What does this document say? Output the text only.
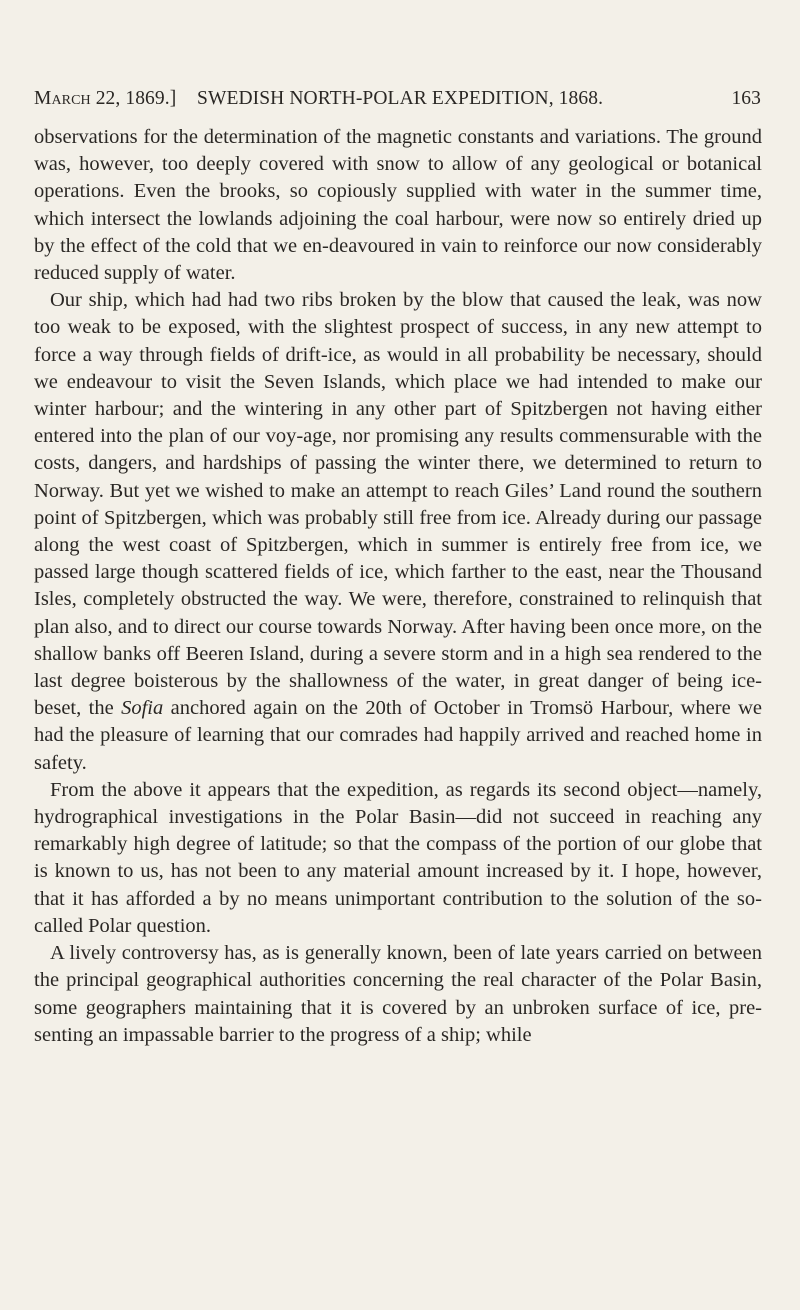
March 22, 1869.] SWEDISH NORTH-POLAR EXPEDITION, 1868.	163

observations for the determination of the magnetic constants and variations. The ground was, however, too deeply covered with snow to allow of any geological or botanical operations. Even the brooks, so copiously supplied with water in the summer time, which intersect the lowlands adjoining the coal harbour, were now so entirely dried up by the effect of the cold that we en-deavoured in vain to reinforce our now considerably reduced supply of water.

Our ship, which had had two ribs broken by the blow that caused the leak, was now too weak to be exposed, with the slightest prospect of success, in any new attempt to force a way through fields of drift-ice, as would in all probability be necessary, should we endeavour to visit the Seven Islands, which place we had intended to make our winter harbour; and the wintering in any other part of Spitzbergen not having either entered into the plan of our voy-age, nor promising any results commensurable with the costs, dangers, and hardships of passing the winter there, we determined to return to Norway. But yet we wished to make an attempt to reach Giles’ Land round the southern point of Spitzbergen, which was probably still free from ice. Already during our passage along the west coast of Spitzbergen, which in summer is entirely free from ice, we passed large though scattered fields of ice, which farther to the east, near the Thousand Isles, completely obstructed the way. We were, therefore, constrained to relinquish that plan also, and to direct our course towards Norway. After having been once more, on the shallow banks off Beeren Island, during a severe storm and in a high sea rendered to the last degree boisterous by the shallowness of the water, in great danger of being ice-beset, the Sofia anchored again on the 20th of October in Tromsö Harbour, where we had the pleasure of learning that our comrades had happily arrived and reached home in safety.

From the above it appears that the expedition, as regards its second object—namely, hydrographical investigations in the Polar Basin—did not succeed in reaching any remarkably high degree of latitude; so that the compass of the portion of our globe that is known to us, has not been to any material amount increased by it. I hope, however, that it has afforded a by no means unimportant contribution to the solution of the so-called Polar question.

A lively controversy has, as is generally known, been of late years carried on between the principal geographical authorities concerning the real character of the Polar Basin, some geographers maintaining that it is covered by an unbroken surface of ice, pre-senting an impassable barrier to the progress of a ship; while
